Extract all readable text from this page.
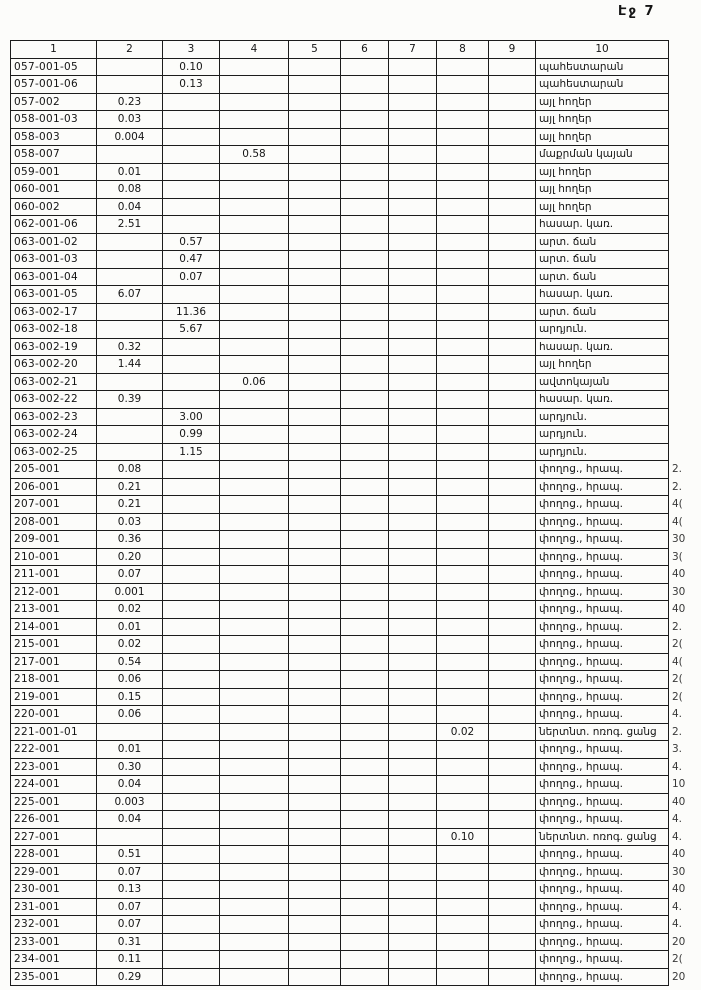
Էջ 7
1	2	3	4	5	6	7	8	9	10	
057-001-05		0.10							պահեստարան	
057-001-06		0.13							պահեստարան	
057-002	0.23								այլ հողեր	
058-001-03	0.03								այլ հողեր	
058-003	0.004								այլ հողեր	
058-007			0.58						մաքրման կայան	
059-001	0.01								այլ հողեր	
060-001	0.08								այլ հողեր	
060-002	0.04								այլ հողեր	
062-001-06	2.51								հասար. կառ.	
063-001-02		0.57							արտ. ճան	
063-001-03		0.47							արտ. ճան	
063-001-04		0.07							արտ. ճան	
063-001-05	6.07								հասար. կառ.	
063-002-17		11.36							արտ. ճան	
063-002-18		5.67							արդյուն.	
063-002-19	0.32								հասար. կառ.	
063-002-20	1.44								այլ հողեր	
063-002-21			0.06						ավտոկայան	
063-002-22	0.39								հասար. կառ.	
063-002-23		3.00							արդյուն.	
063-002-24		0.99							արդյուն.	
063-002-25		1.15							արդյուն.	
205-001	0.08								փողոց., հրապ.	2.
206-001	0.21								փողոց., հրապ.	2.
207-001	0.21								փողոց., հրապ.	4(
208-001	0.03								փողոց., հրապ.	4(
209-001	0.36								փողոց., հրապ.	30
210-001	0.20								փողոց., հրապ.	3(
211-001	0.07								փողոց., հրապ.	40
212-001	0.001								փողոց., հրապ.	30
213-001	0.02								փողոց., հրապ.	40
214-001	0.01								փողոց., հրապ.	2.
215-001	0.02								փողոց., հրապ.	2(
217-001	0.54								փողոց., հրապ.	4(
218-001	0.06								փողոց., հրապ.	2(
219-001	0.15								փողոց., հրապ.	2(
220-001	0.06								փողոց., հրապ.	4.
221-001-01							0.02		ներտնտ. ոռոգ. ցանց	2.
222-001	0.01								փողոց., հրապ.	3.
223-001	0.30								փողոց., հրապ.	4.
224-001	0.04								փողոց., հրապ.	10
225-001	0.003								փողոց., հրապ.	40
226-001	0.04								փողոց., հրապ.	4.
227-001							0.10		ներտնտ. ոռոգ. ցանց	4.
228-001	0.51								փողոց., հրապ.	40
229-001	0.07								փողոց., հրապ.	30
230-001	0.13								փողոց., հրապ.	40
231-001	0.07								փողոց., հրապ.	4.
232-001	0.07								փողոց., հրապ.	4.
233-001	0.31								փողոց., հրապ.	20
234-001	0.11								փողոց., հրապ.	2(
235-001	0.29								փողոց., հրապ.	20
